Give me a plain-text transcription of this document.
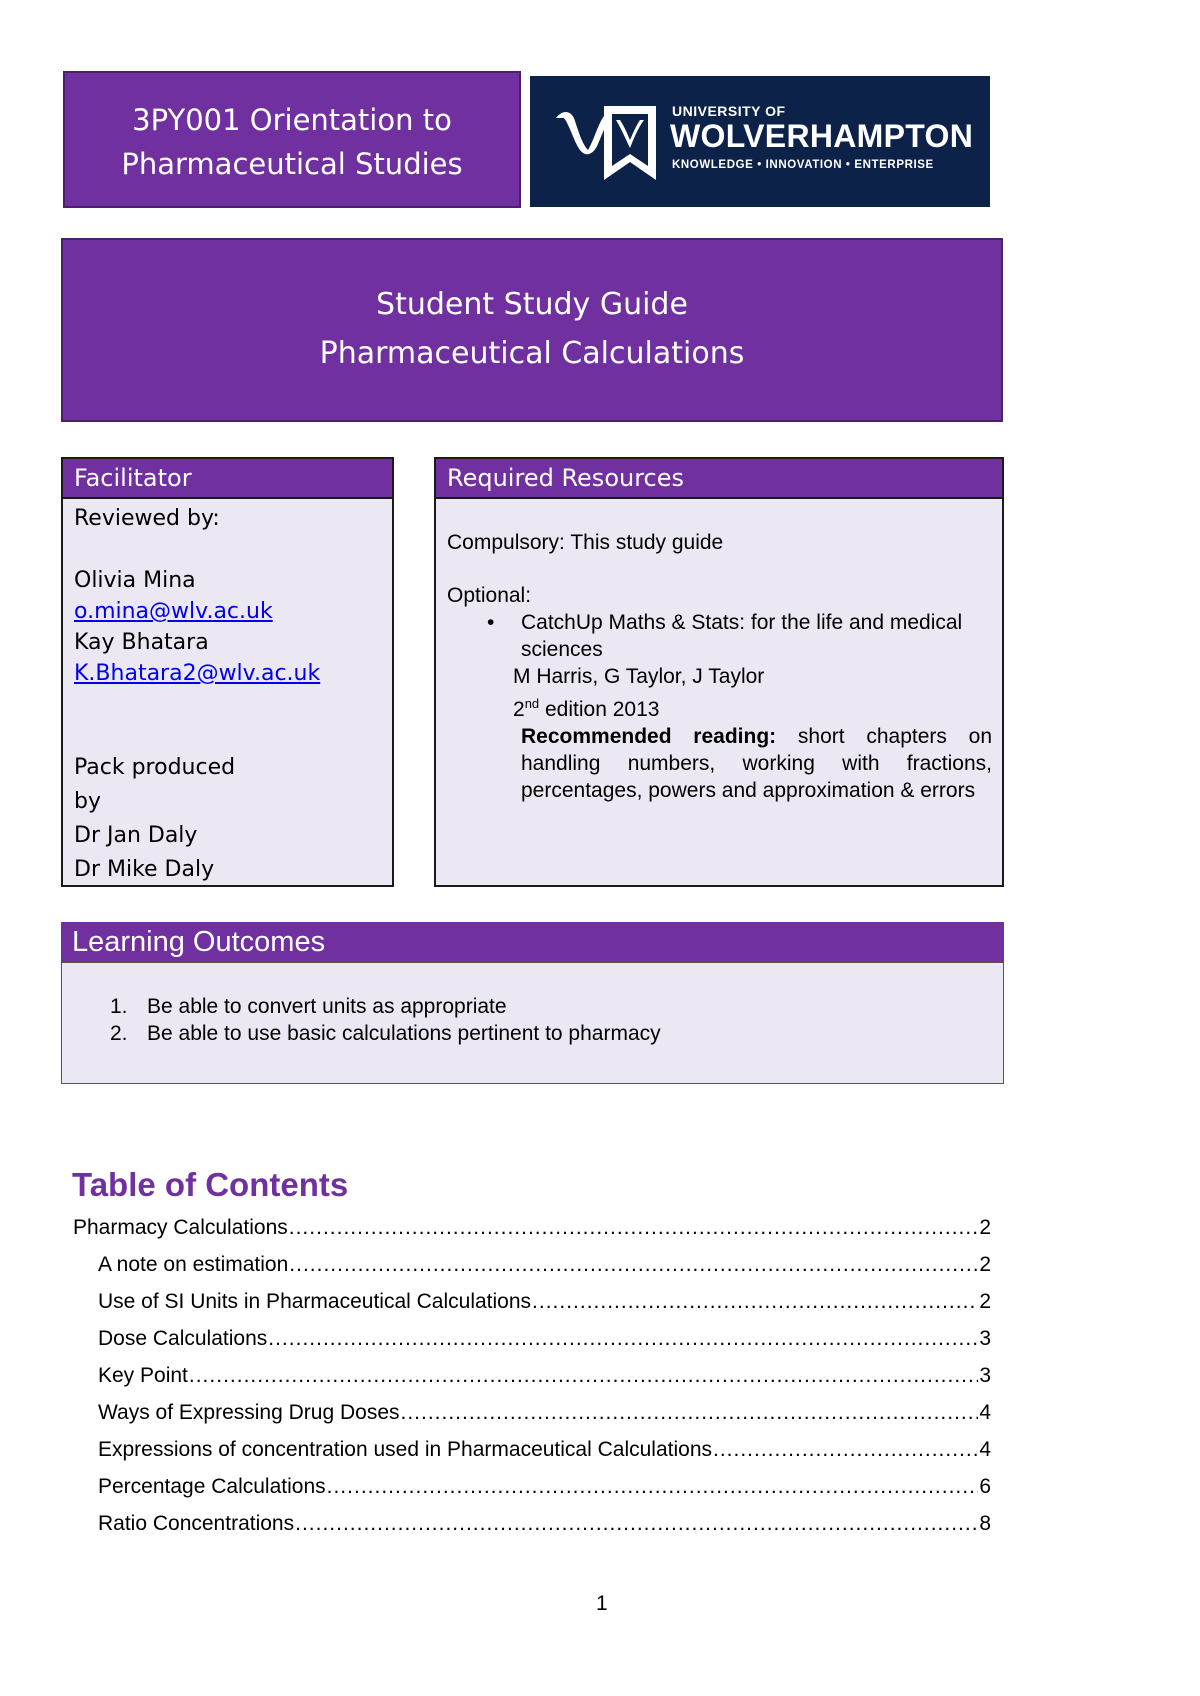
3PY001 Orientation to
Pharmaceutical Studies
UNIVERSITY OF
WOLVERHAMPTON
KNOWLEDGE • INNOVATION • ENTERPRISE
Student Study Guide
Pharmaceutical Calculations
Facilitator
Reviewed by:

Olivia Mina
o.mina@wlv.ac.uk
Kay Bhatara
K.Bhatara2@wlv.ac.uk

Pack produced
by
Dr Jan Daly
Dr Mike Daly
Required Resources

Compulsory: This study guide

Optional:

• CatchUp Maths & Stats: for the life and medical sciences

M Harris, G Taylor, J Taylor

2nd edition 2013

Recommended reading: short chapters on handling numbers, working with fractions, percentages, powers and approximation & errors

Learning Outcomes
1. Be able to convert units as appropriate
2. Be able to use basic calculations pertinent to pharmacy
Table of Contents
Pharmacy Calculations .....	2
A note on estimation .....	2
Use of SI Units in Pharmaceutical Calculations .....	2
Dose Calculations .....	3
Key Point .....	3
Ways of Expressing Drug Doses .....	4
Expressions of concentration used in Pharmaceutical Calculations .....	4
Percentage Calculations .....	6
Ratio Concentrations .....	8
1
